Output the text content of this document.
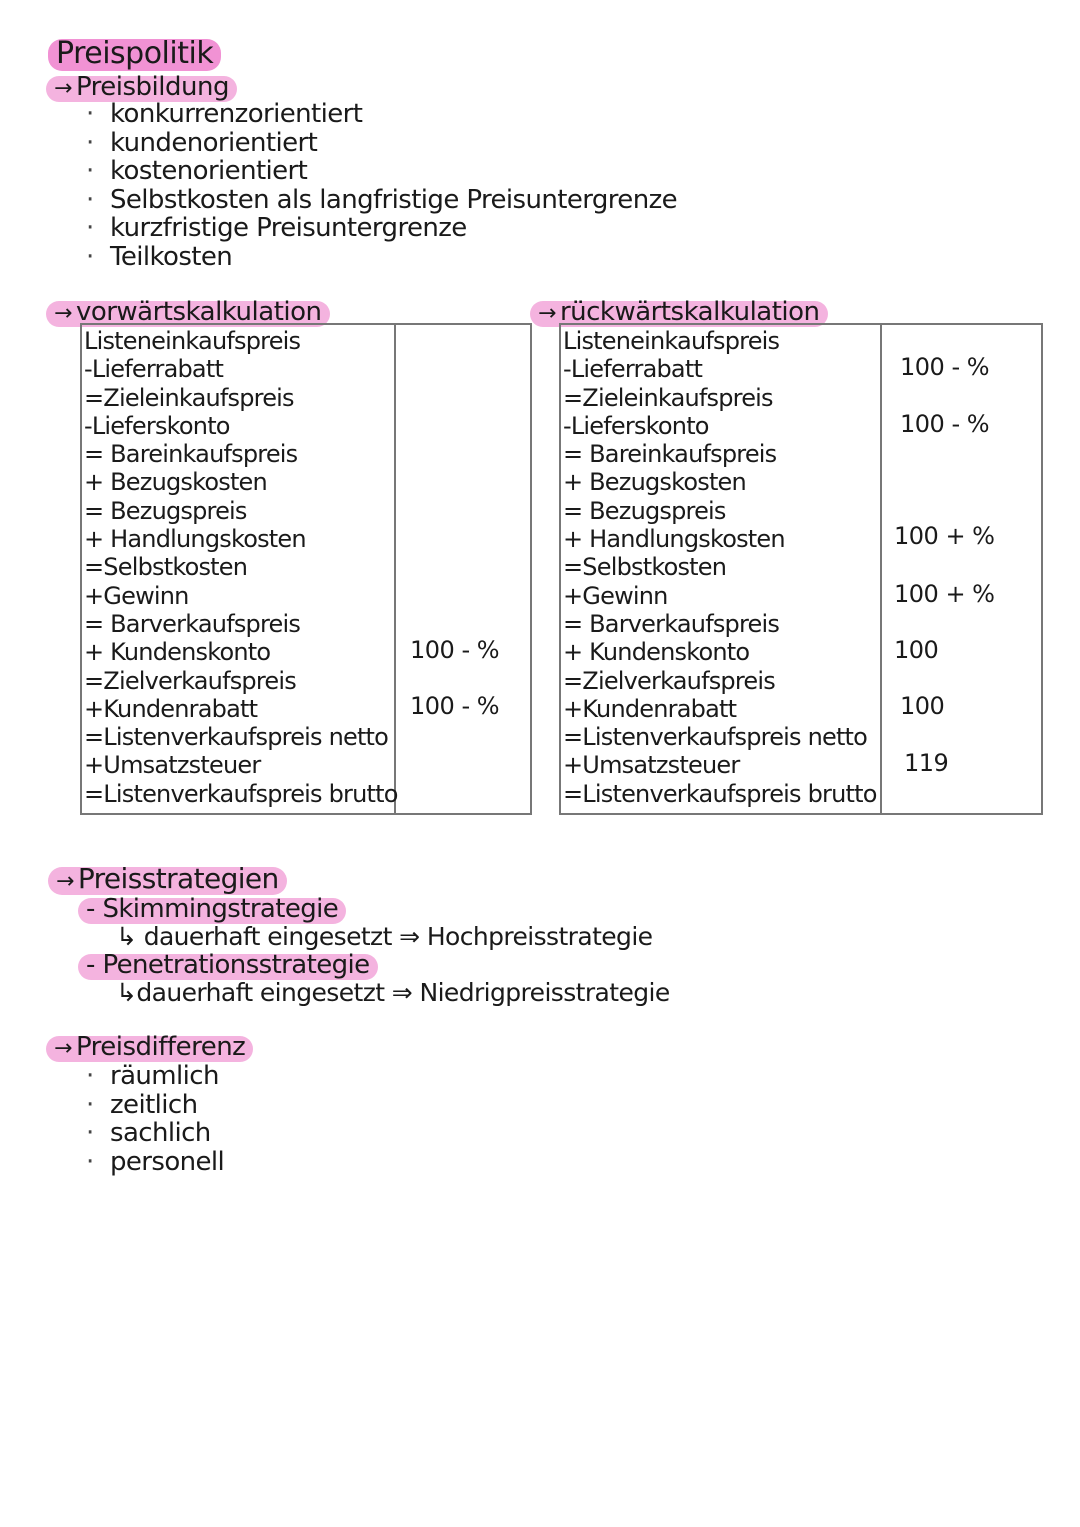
Preispolitik
→ Preisbildung
· konkurrenzorientiert
· kundenorientiert
· kostenorientiert
· Selbstkosten als langfristige Preisuntergrenze
· kurzfristige Preisuntergrenze
· Teilkosten
→ vorwärtskalkulation
Listeneinkaufspreis
-Lieferrabatt
=Zieleinkaufspreis
-Lieferskonto
= Bareinkaufspreis
+ Bezugskosten
= Bezugspreis
+ Handlungskosten
=Selbstkosten
+Gewinn
= Barverkaufspreis
+ Kundenskonto
=Zielverkaufspreis
+Kundenrabatt
=Listenverkaufspreis netto
+Umsatzsteuer
=Listenverkaufspreis brutto
100 - %
100 - %
→ rückwärtskalkulation
Listeneinkaufspreis
-Lieferrabatt
=Zieleinkaufspreis
-Lieferskonto
= Bareinkaufspreis
+ Bezugskosten
= Bezugspreis
+ Handlungskosten
=Selbstkosten
+Gewinn
= Barverkaufspreis
+ Kundenskonto
=Zielverkaufspreis
+Kundenrabatt
=Listenverkaufspreis netto
+Umsatzsteuer
=Listenverkaufspreis brutto
100 - %
100 - %
100 + %
100 + %
100
100
119
→ Preisstrategien
- Skimmingstrategie
↳ dauerhaft eingesetzt ⇒ Hochpreisstrategie
- Penetrationsstrategie
↳dauerhaft eingesetzt ⇒ Niedrigpreisstrategie
→ Preisdifferenz
· räumlich
· zeitlich
· sachlich
· personell
